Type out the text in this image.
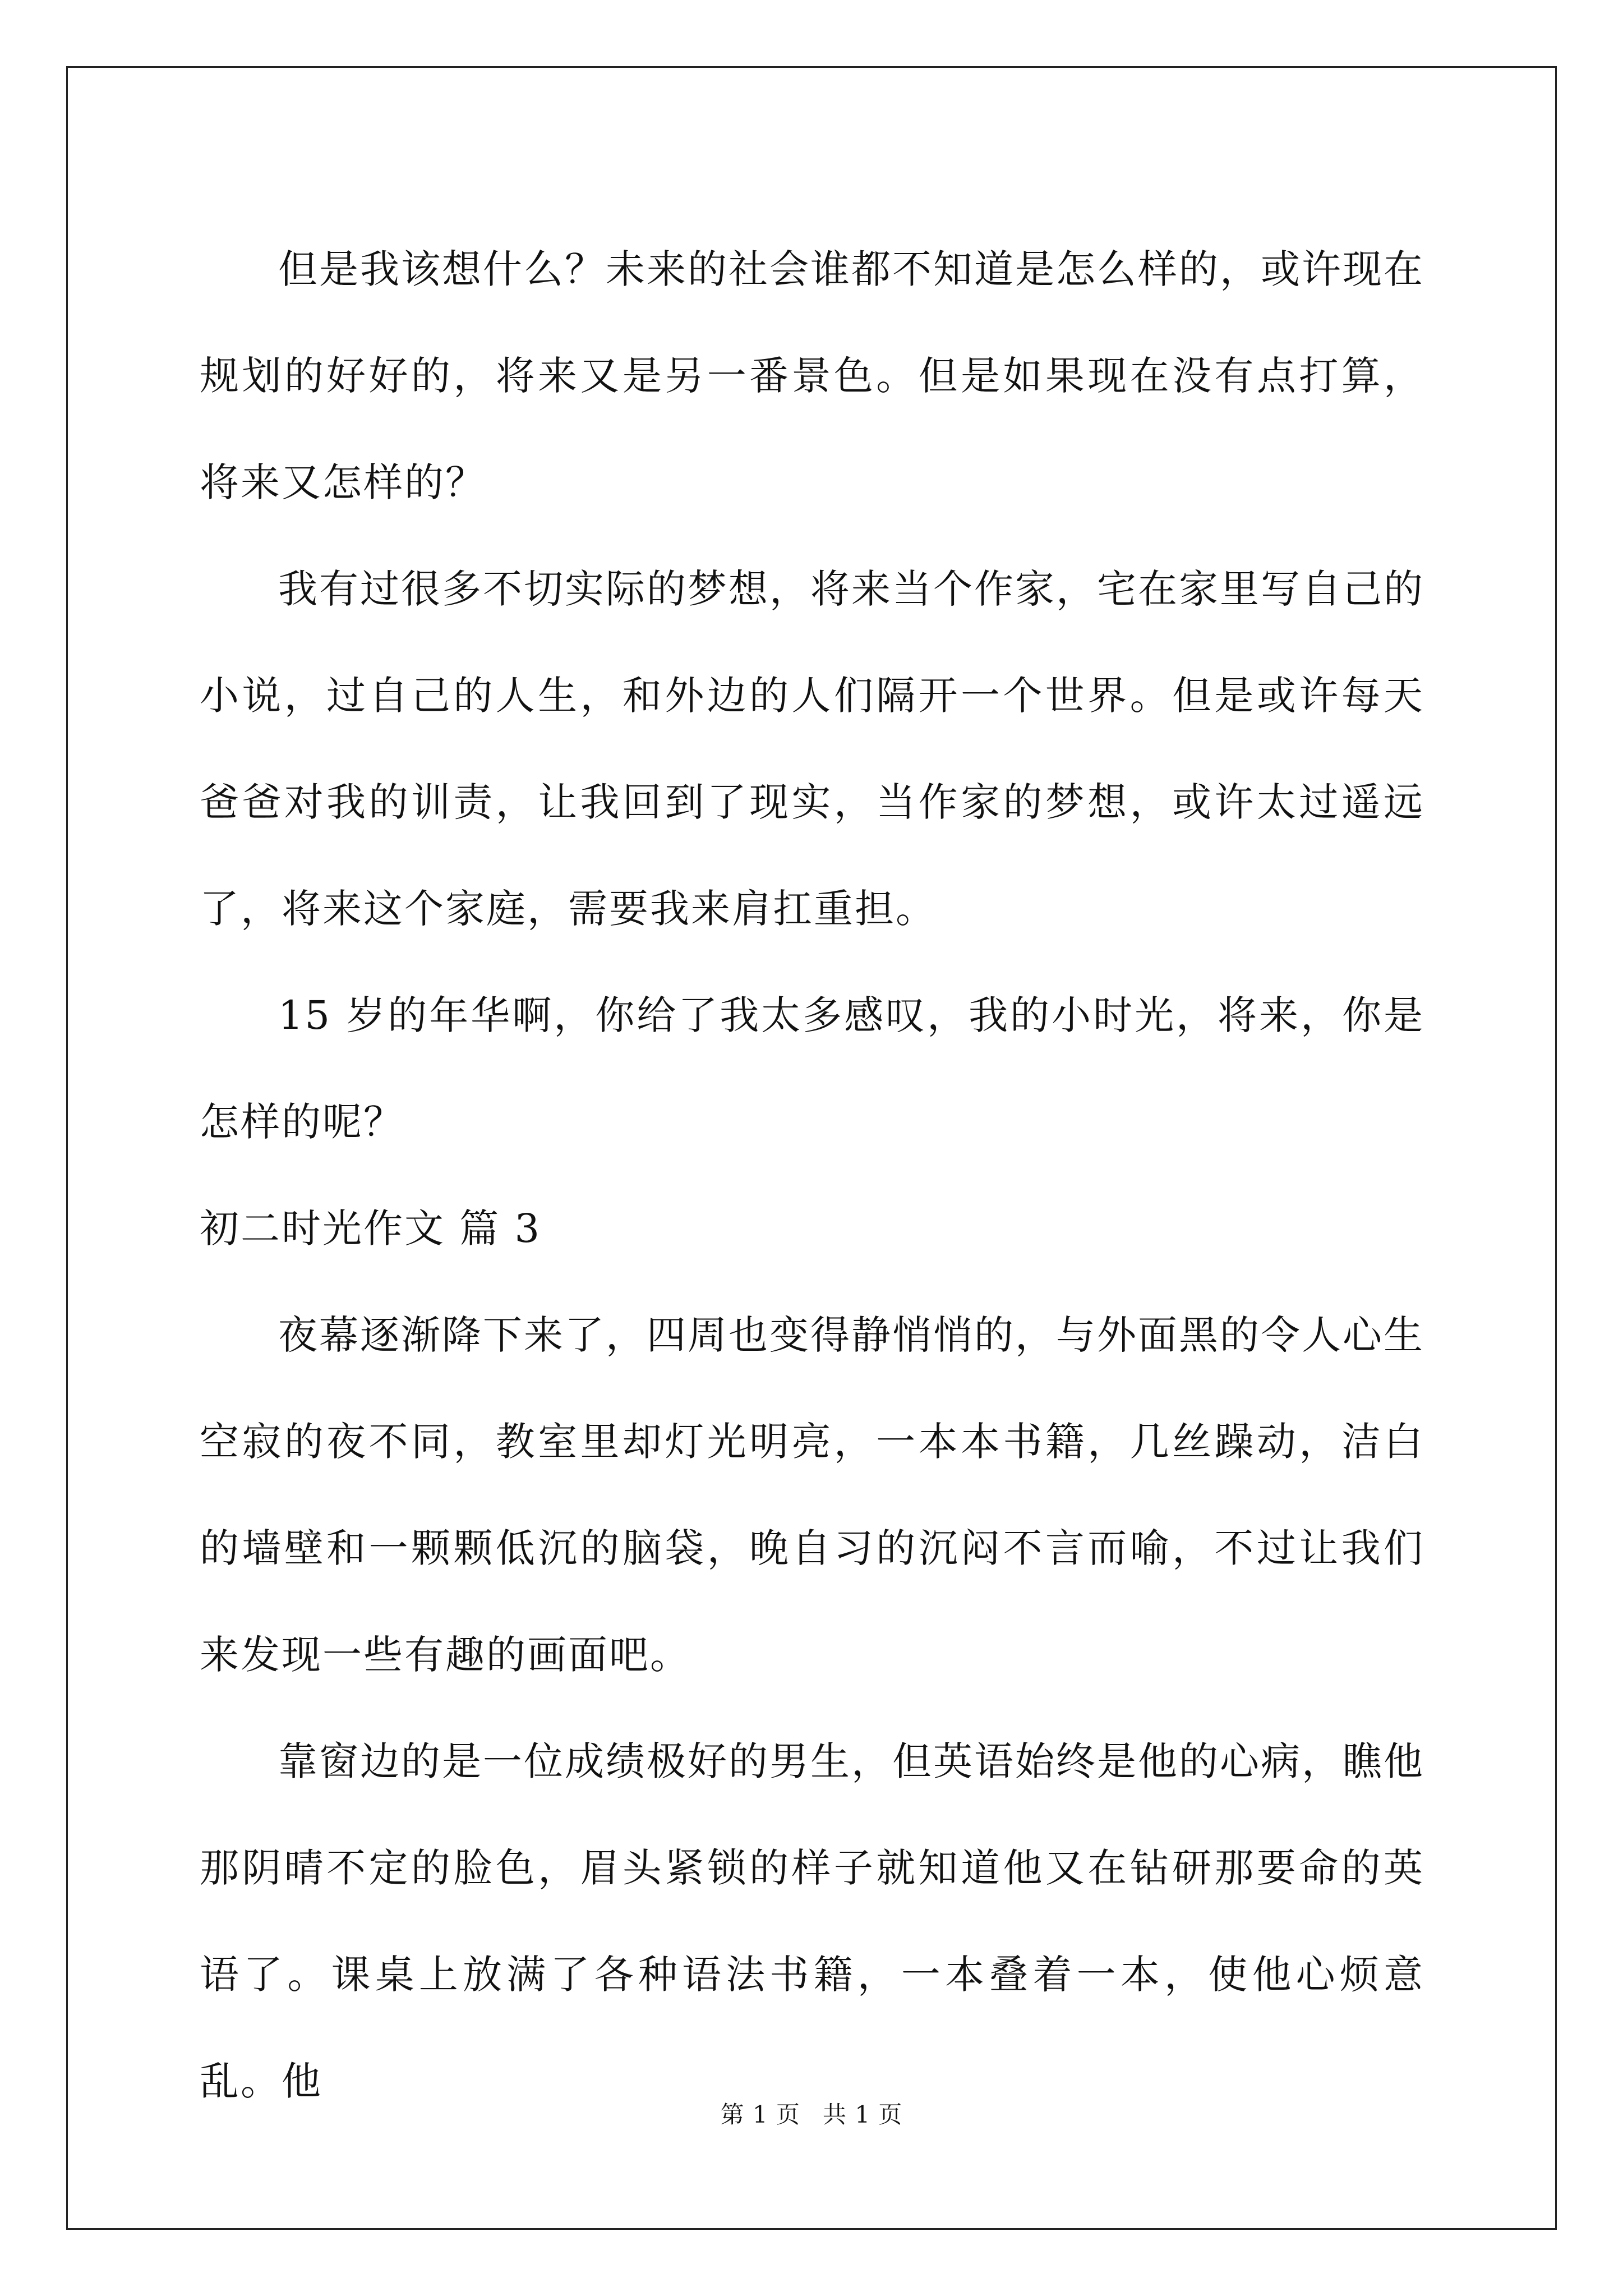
但是我该想什么？未来的社会谁都不知道是怎么样的，或许现在规划的好好的，将来又是另一番景色。但是如果现在没有点打算，将来又怎样的？

我有过很多不切实际的梦想，将来当个作家，宅在家里写自己的小说，过自己的人生，和外边的人们隔开一个世界。但是或许每天爸爸对我的训责，让我回到了现实，当作家的梦想，或许太过遥远了，将来这个家庭，需要我来肩扛重担。

15 岁的年华啊，你给了我太多感叹，我的小时光，将来，你是怎样的呢？

初二时光作文 篇 3

夜幕逐渐降下来了，四周也变得静悄悄的，与外面黑的令人心生空寂的夜不同，教室里却灯光明亮，一本本书籍，几丝躁动，洁白的墙壁和一颗颗低沉的脑袋，晚自习的沉闷不言而喻，不过让我们来发现一些有趣的画面吧。

靠窗边的是一位成绩极好的男生，但英语始终是他的心病，瞧他那阴晴不定的脸色，眉头紧锁的样子就知道他又在钻研那要命的英语了。课桌上放满了各种语法书籍，一本叠着一本，使他心烦意乱。他

第 1 页 共 1 页
